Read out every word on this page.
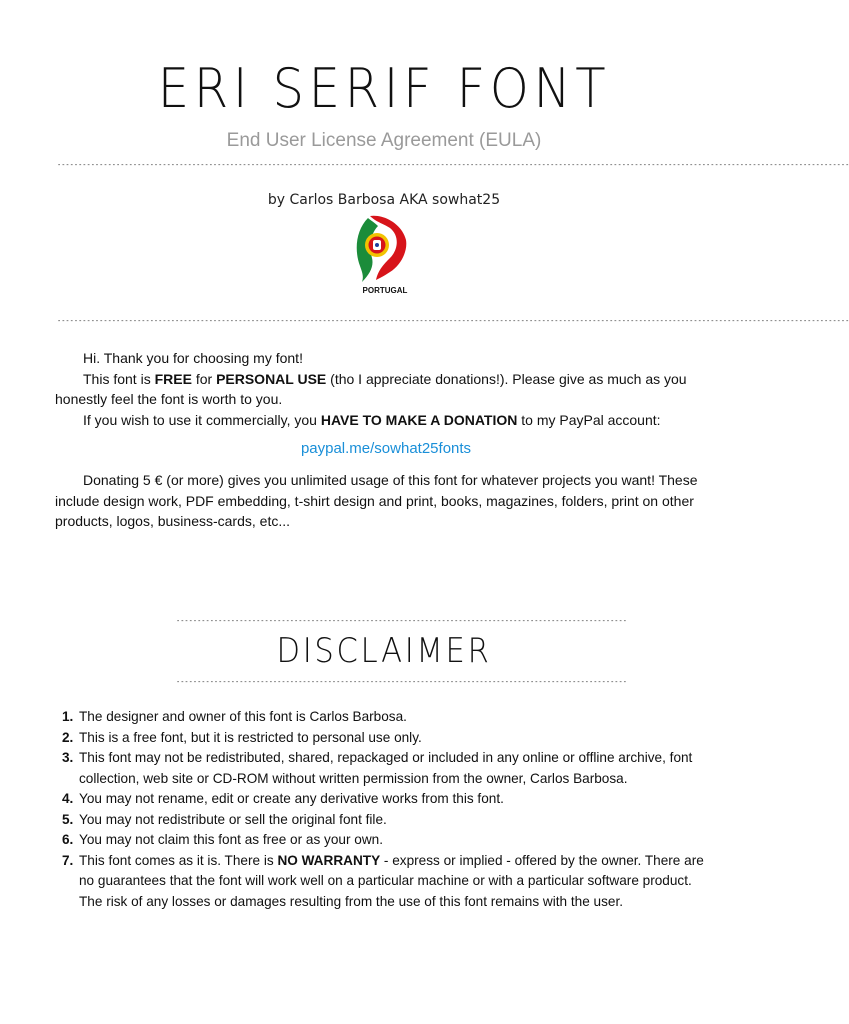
ERI SERIF FONT
End User License Agreement (EULA)
--------------------------------------------------------------------------------------------------------------------------------------------------------------------------------------------
by Carlos Barbosa AKA sowhat25
PORTUGAL
--------------------------------------------------------------------------------------------------------------------------------------------------------------------------------------------

Hi. Thank you for choosing my font!

This font is FREE for PERSONAL USE (tho I appreciate donations!). Please give as much as you honestly feel the font is worth to you.

If you wish to use it commercially, you HAVE TO MAKE A DONATION to my PayPal account:

paypal.me/sowhat25fonts

Donating 5 € (or more) gives you unlimited usage of this font for whatever projects you want! These include design work, PDF embedding, t-shirt design and print, books, magazines, folders, print on other products, logos, business-cards, etc...

-----------------------------------------------------------------------------------------------------------
DISCLAIMER
-----------------------------------------------------------------------------------------------------------
1. The designer and owner of this font is Carlos Barbosa.
2. This is a free font, but it is restricted to personal use only.
3. This font may not be redistributed, shared, repackaged or included in any online or offline archive, font collection, web site or CD-ROM without written permission from the owner, Carlos Barbosa.
4. You may not rename, edit or create any derivative works from this font.
5. You may not redistribute or sell the original font file.
6. You may not claim this font as free or as your own.
7. This font comes as it is. There is NO WARRANTY - express or implied - offered by the owner. There are no guarantees that the font will work well on a particular machine or with a particular software product. The risk of any losses or damages resulting from the use of this font remains with the user.
